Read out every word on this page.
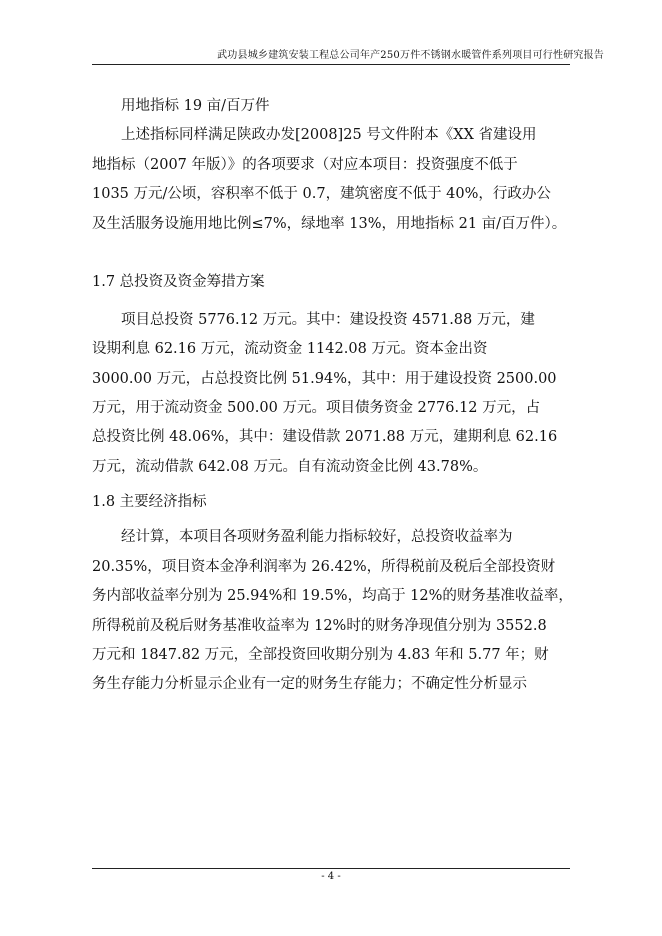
武功县城乡建筑安装工程总公司年产250万件不锈钢水暖管件系列项目可行性研究报告
用地指标 19 亩/百万件
上述指标同样满足陕政办发[2008]25 号文件附本《XX 省建设用
地指标（2007 年版）》的各项要求（对应本项目：投资强度不低于
1035 万元/公顷，容积率不低于 0.7，建筑密度不低于 40%，行政办公
及生活服务设施用地比例≤7%，绿地率 13%，用地指标 21 亩/百万件）。
1.7 总投资及资金筹措方案
项目总投资 5776.12 万元。其中：建设投资 4571.88 万元，建
设期利息 62.16 万元，流动资金 1142.08 万元。资本金出资
3000.00 万元，占总投资比例 51.94%，其中：用于建设投资 2500.00
万元，用于流动资金 500.00 万元。项目债务资金 2776.12 万元，占
总投资比例 48.06%，其中：建设借款 2071.88 万元，建期利息 62.16
万元，流动借款 642.08 万元。自有流动资金比例 43.78%。
1.8 主要经济指标
经计算，本项目各项财务盈利能力指标较好，总投资收益率为
20.35%，项目资本金净利润率为 26.42%，所得税前及税后全部投资财
务内部收益率分别为 25.94%和 19.5%，均高于 12%的财务基准收益率，
所得税前及税后财务基准收益率为 12%时的财务净现值分别为 3552.8
万元和 1847.82 万元，全部投资回收期分别为 4.83 年和 5.77 年；财
务生存能力分析显示企业有一定的财务生存能力；不确定性分析显示
- 4 -
